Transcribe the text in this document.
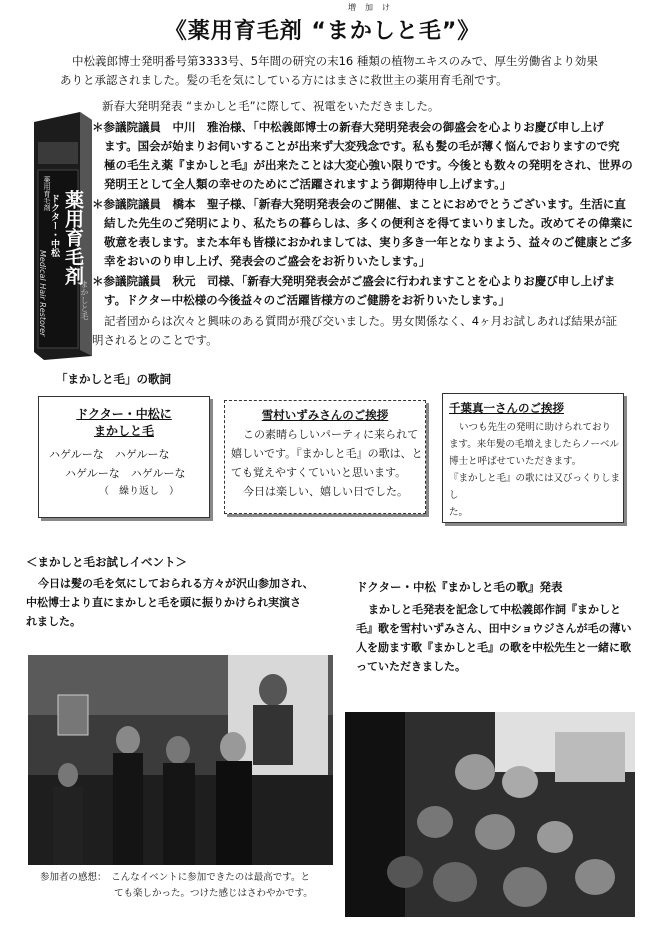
増加け
《薬用育毛剤 “まかしと毛”》
中松義郎博士発明番号第3333号、5年間の研究の末16 種類の植物エキスのみで、厚生労働省より効果
ありと承認されました。髪の毛を気にしている方にはまさに救世主の薬用育毛剤です。
新春大発明発表 “まかしと毛”に際して、祝電をいただきました。
薬用育毛剤
ドクター・中松 薬用育毛剤
Medical Hair Restorer	まかしと毛
＊参議院議員　中川　雅治様、「中松義郎博士の新春大発明発表会の御盛会を心よりお慶び申し上げ
ます。国会が始まりお伺いすることが出来ず大変残念です。私も髪の毛が薄く悩んでおりますので究
極の毛生え薬『まかしと毛』が出来たことは大変心強い限りです。今後とも数々の発明をされ、世界の
発明王として全人類の幸せのためにご活躍されますよう御期待申し上げます。」
＊参議院議員　橋本　聖子様、「新春大発明発表会のご開催、まことにおめでとうございます。生活に直
結した先生のご発明により、私たちの暮らしは、多くの便利さを得てまいりました。改めてその偉業に
敬意を表します。また本年も皆様におかれましては、実り多き一年となりまよう、益々のご健康とご多
幸をおいのり申し上げ、発表会のご盛会をお祈りいたします。」
＊参議院議員　秋元　司様、「新春大発明発表会がご盛会に行われますことを心よりお慶び申し上げま
す。ドクター中松様の今後益々のご活躍皆様方のご健勝をお祈りいたします。」
記者団からは次々と興味のある質問が飛び交いました。男女関係なく、4ヶ月お試しあれば結果が証
明されるとのことです。
「まかしと毛」の歌詞
ドクター・中松に
まかしと毛
ハゲルーな　ハゲルーな
ハゲルーな　ハゲルーな
（　繰り返し　）
雪村いずみさんのご挨拶
この素晴らしいパーティに来られて
嬉しいです。『まかしと毛』の歌は、と
ても覚えやすくていいと思います。
今日は楽しい、嬉しい日でした。
千葉真一さんのご挨拶
いつも先生の発明に助けられており
ます。来年髪の毛増えましたらノーベル
博士と呼ばせていただきます。
『まかしと毛』の歌には又びっくりしまし
た。
＜まかしと毛お試しイベント＞
今日は髪の毛を気にしておられる方々が沢山参加され、
中松博士より直にまかしと毛を頭に振りかけられ実演さ
れました。
ドクター・中松『まかしと毛の歌』発表
まかしと毛発表を記念して中松義郎作詞『まかしと
毛』歌を雪村いずみさん、田中ショウジさんが毛の薄い
人を励ます歌『まかしと毛』の歌を中松先生と一緒に歌
っていただきました。
参加者の感想：　こんなイベントに参加できたのは最高です。と
ても楽しかった。つけた感じはさわやかです。
